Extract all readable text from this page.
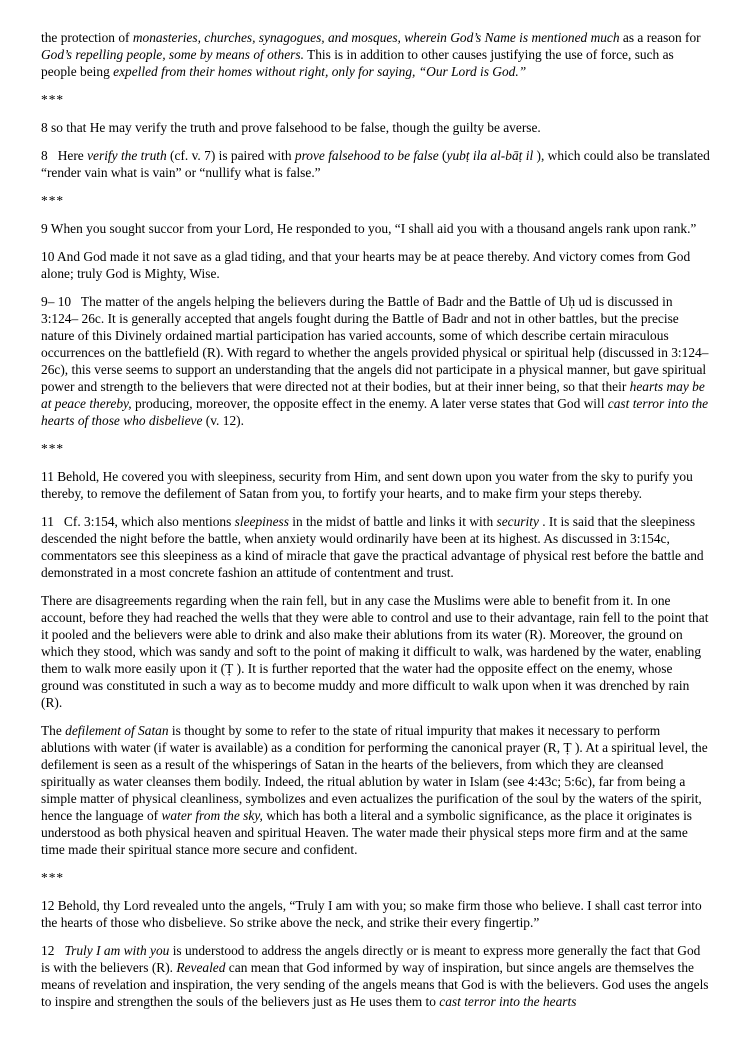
the protection of monasteries, churches, synagogues, and mosques, wherein God’s Name is mentioned much as a reason for God’s repelling people, some by means of others. This is in addition to other causes justifying the use of force, such as people being expelled from their homes without right, only for saying, “Our Lord is God.”

***

8 so that He may verify the truth and prove falsehood to be false, though the guilty be averse.

8   Here verify the truth (cf. v. 7) is paired with prove falsehood to be false (yubṭ ila al-bāṭ il ), which could also be translated “render vain what is vain” or “nullify what is false.”

***

9 When you sought succor from your Lord, He responded to you, “I shall aid you with a thousand angels rank upon rank.”

10 And God made it not save as a glad tiding, and that your hearts may be at peace thereby. And victory comes from God alone; truly God is Mighty, Wise.

9– 10   The matter of the angels helping the believers during the Battle of Badr and the Battle of Uḥ ud is discussed in 3:124– 26c. It is generally accepted that angels fought during the Battle of Badr and not in other battles, but the precise nature of this Divinely ordained martial participation has varied accounts, some of which describe certain miraculous occurrences on the battlefield (R). With regard to whether the angels provided physical or spiritual help (discussed in 3:124– 26c), this verse seems to support an understanding that the angels did not participate in a physical manner, but gave spiritual power and strength to the believers that were directed not at their bodies, but at their inner being, so that their hearts may be at peace thereby, producing, moreover, the opposite effect in the enemy. A later verse states that God will cast terror into the hearts of those who disbelieve (v. 12).

***

11 Behold, He covered you with sleepiness, security from Him, and sent down upon you water from the sky to purify you thereby, to remove the defilement of Satan from you, to fortify your hearts, and to make firm your steps thereby.

11   Cf. 3:154, which also mentions sleepiness in the midst of battle and links it with security . It is said that the sleepiness descended the night before the battle, when anxiety would ordinarily have been at its highest. As discussed in 3:154c, commentators see this sleepiness as a kind of miracle that gave the practical advantage of physical rest before the battle and demonstrated in a most concrete fashion an attitude of contentment and trust.

There are disagreements regarding when the rain fell, but in any case the Muslims were able to benefit from it. In one account, before they had reached the wells that they were able to control and use to their advantage, rain fell to the point that it pooled and the believers were able to drink and also make their ablutions from its water (R). Moreover, the ground on which they stood, which was sandy and soft to the point of making it difficult to walk, was hardened by the water, enabling them to walk more easily upon it (Ṭ ). It is further reported that the water had the opposite effect on the enemy, whose ground was constituted in such a way as to become muddy and more difficult to walk upon when it was drenched by rain (R).

The defilement of Satan is thought by some to refer to the state of ritual impurity that makes it necessary to perform ablutions with water (if water is available) as a condition for performing the canonical prayer (R, Ṭ ). At a spiritual level, the defilement is seen as a result of the whisperings of Satan in the hearts of the believers, from which they are cleansed spiritually as water cleanses them bodily. Indeed, the ritual ablution by water in Islam (see 4:43c; 5:6c), far from being a simple matter of physical cleanliness, symbolizes and even actualizes the purification of the soul by the waters of the spirit, hence the language of water from the sky, which has both a literal and a symbolic significance, as the place it originates is understood as both physical heaven and spiritual Heaven. The water made their physical steps more firm and at the same time made their spiritual stance more secure and confident.

***

12 Behold, thy Lord revealed unto the angels, “Truly I am with you; so make firm those who believe. I shall cast terror into the hearts of those who disbelieve. So strike above the neck, and strike their every fingertip.”

12   Truly I am with you is understood to address the angels directly or is meant to express more generally the fact that God is with the believers (R). Revealed can mean that God informed by way of inspiration, but since angels are themselves the means of revelation and inspiration, the very sending of the angels means that God is with the believers. God uses the angels to inspire and strengthen the souls of the believers just as He uses them to cast terror into the hearts
